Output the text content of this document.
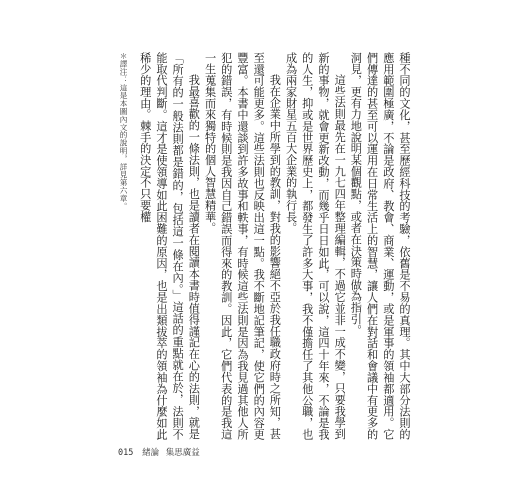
種不同的文化，甚至歷經科技的考驗，依舊是不易的真理。其中大部分法則的應用範圍極廣，不論是政府、教會、商業、運動，或是軍事的領袖都適用。它們傳達的甚至可以運用在日常生活上的智慧，讓人們在對話和會議中有更多的洞見，更有力地說明某個觀點，或者在決策時做為指引。

這些法則最先在一九七四年整理編輯，不過它並非一成不變，只要我學到新的事物，就會更新改動，而幾乎日日如此，可以說，這四十年來，不論是我的人生，抑或是世界歷史上，都發生了許多大事，我不僅擔任了其他公職，也成為兩家財星五百大企業的執行長。

我在企業中所學到的教訓，對我的影響絕不亞於我任職政府時之所知，甚至還可能更多。這些法則也反映出這一點。我不斷地記筆記，使它們的內容更豐富。本書中還談到許多故事和軼事，有時候這些法則是因為我見過其他人所犯的錯誤，有時候則是我因自己錯誤而得來的教訓。因此，它們代表的是我這一生蒐集而來獨特的個人智慧精華。

我最喜歡的一條法則，也是讀者在閱讀本書時值得謹記在心的法則，就是「所有的一般法則都是錯的，包括這一條在內。」這話的重點就在於，法則不能取代判斷。這才是使領導如此困難的原因，也是出類拔萃的領袖為什麼如此稀少的理由。棘手的決定不只要權

＊譯注：這是本圖內文的說明，詳見第六章。
015 緒論 集思廣益
